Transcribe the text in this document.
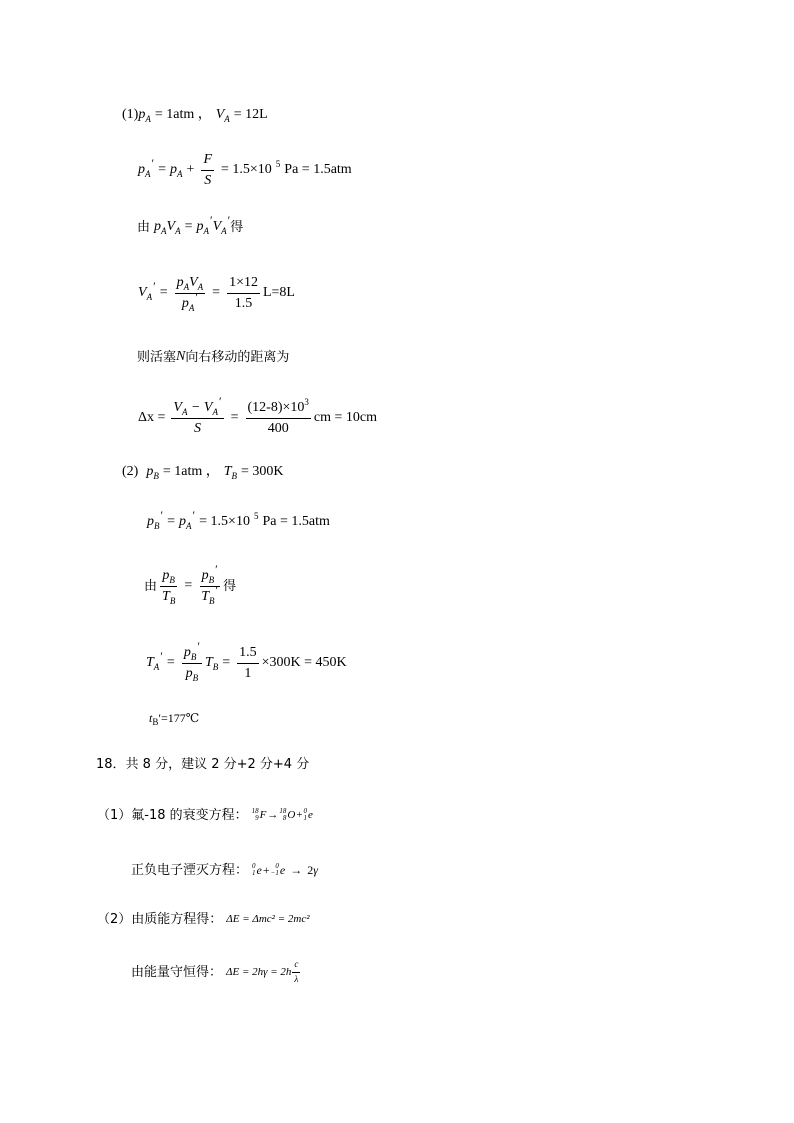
(1) $p_A = 1atm$ ， $V_A = 12L$
$p_A' = p_A + \frac{F}{S} = 1.5\times 10$ 5 Pa = 1.5atm
由 $p_AV_A = p_A'V_A'$ 得
$V_A' = \frac{p_AV_A}{p_A'} = \frac{1\times 12}{1.5} L=8L$
则活塞 N 向右移动的距离为
$\Delta x = \frac{V_A - V_A'}{S} = \frac{(12-8)\times 10^3}{400}$ cm = 10cm
(2) $p_B = 1atm$ ， $T_B = 300K$
$p_B' = p_A' = 1.5\times 10$ 5 Pa = 1.5atm
由 $\frac{p_B}{T_B} = \frac{p_B'}{T_B'}$ 得
$T_A' = \frac{p_B'}{p_B} T_B = \frac{1.5}{1} \times 300K = 450K$
t B ′=177℃
18．共 8 分，建议 2 分+2 分+4 分
（1）氟-18 的衰变方程： 18
9 F → 18
8 O + 0
1 e
正负电子湮灭方程： 0
1 e + 0
−1 e → 2 γ
（2）由质能方程得： ΔE = Δmc² = 2mc²
由能量守恒得： $\Delta E = 2h\gamma = 2h \frac{c}{\lambda}$
